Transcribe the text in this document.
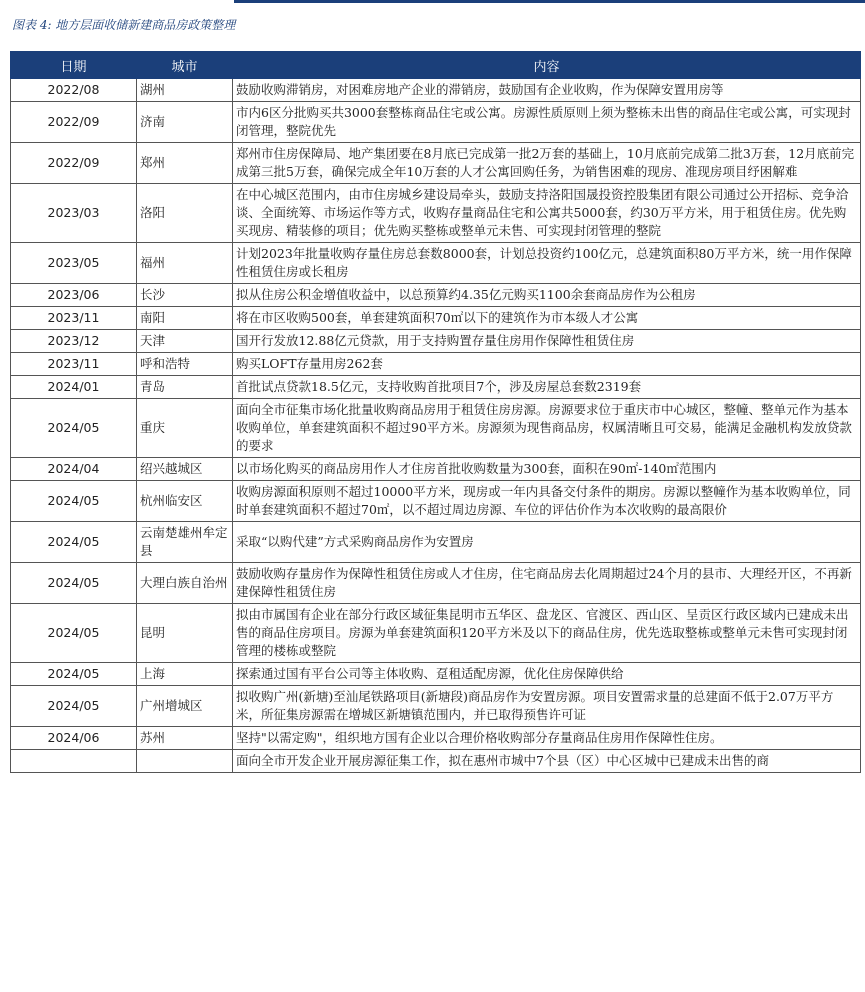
图表 4: 地方层面收储新建商品房政策整理
日期	城市	内容
2022/08	湖州	鼓励收购滞销房，对困难房地产企业的滞销房，鼓励国有企业收购，作为保障安置用房等
2022/09	济南	市内6区分批购买共3000套整栋商品住宅或公寓。房源性质原则上须为整栋未出售的商品住宅或公寓，可实现封闭管理，整院优先
2022/09	郑州	郑州市住房保障局、地产集团要在8月底已完成第一批2万套的基础上，10月底前完成第二批3万套，12月底前完成第三批5万套，确保完成全年10万套的人才公寓回购任务，为销售困难的现房、准现房项目纾困解难
2023/03	洛阳	在中心城区范围内，由市住房城乡建设局牵头，鼓励支持洛阳国晟投资控股集团有限公司通过公开招标、竞争洽谈、全面统筹、市场运作等方式，收购存量商品住宅和公寓共5000套，约30万平方米，用于租赁住房。优先购买现房、精装修的项目；优先购买整栋或整单元未售、可实现封闭管理的整院
2023/05	福州	计划2023年批量收购存量住房总套数8000套，计划总投资约100亿元，总建筑面积80万平方米，统一用作保障性租赁住房或长租房
2023/06	长沙	拟从住房公积金增值收益中，以总预算约4.35亿元购买1100余套商品房作为公租房
2023/11	南阳	将在市区收购500套，单套建筑面积70㎡以下的建筑作为市本级人才公寓
2023/12	天津	国开行发放12.88亿元贷款，用于支持购置存量住房用作保障性租赁住房
2023/11	呼和浩特	购买LOFT存量用房262套
2024/01	青岛	首批试点贷款18.5亿元，支持收购首批项目7个，涉及房屋总套数2319套
2024/05	重庆	面向全市征集市场化批量收购商品房用于租赁住房房源。房源要求位于重庆市中心城区，整幢、整单元作为基本收购单位，单套建筑面积不超过90平方米。房源须为现售商品房，权属清晰且可交易，能满足金融机构发放贷款的要求
2024/04	绍兴越城区	以市场化购买的商品房用作人才住房首批收购数量为300套，面积在90㎡-140㎡范围内
2024/05	杭州临安区	收购房源面积原则不超过10000平方米，现房或一年内具备交付条件的期房。房源以整幢作为基本收购单位，同时单套建筑面积不超过70㎡，以不超过周边房源、车位的评估价作为本次收购的最高限价
2024/05	云南楚雄州牟定县	采取“以购代建”方式采购商品房作为安置房
2024/05	大理白族自治州	鼓励收购存量房作为保障性租赁住房或人才住房，住宅商品房去化周期超过24个月的县市、大理经开区，不再新建保障性租赁住房
2024/05	昆明	拟由市属国有企业在部分行政区域征集昆明市五华区、盘龙区、官渡区、西山区、呈贡区行政区域内已建成未出售的商品住房项目。房源为单套建筑面积120平方米及以下的商品住房，优先选取整栋或整单元未售可实现封闭管理的楼栋或整院
2024/05	上海	探索通过国有平台公司等主体收购、趸租适配房源，优化住房保障供给
2024/05	广州增城区	拟收购广州(新塘)至汕尾铁路项目(新塘段)商品房作为安置房源。项目安置需求量的总建面不低于2.07万平方米，所征集房源需在增城区新塘镇范围内，并已取得预售许可证
2024/06	苏州	坚持"以需定购"，组织地方国有企业以合理价格收购部分存量商品住房用作保障性住房。
		面向全市开发企业开展房源征集工作，拟在惠州市城中7个县（区）中心区城中已建成未出售的商
